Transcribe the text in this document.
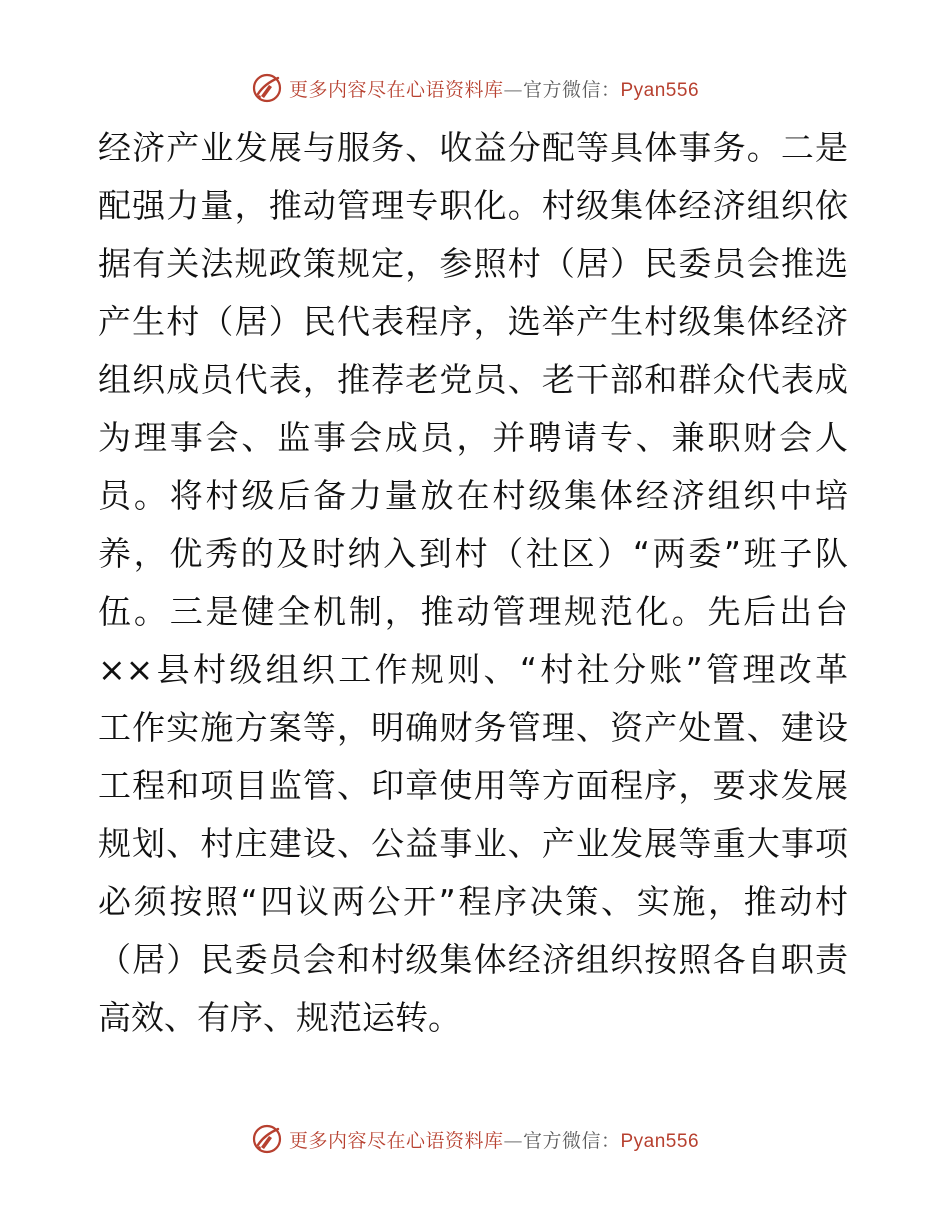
更多内容尽在心语资料库—官方微信：Pyan556
经济产业发展与服务、收益分配等具体事务。二是
配强力量，推动管理专职化。村级集体经济组织依
据有关法规政策规定，参照村（居）民委员会推选
产生村（居）民代表程序，选举产生村级集体经济
组织成员代表，推荐老党员、老干部和群众代表成
为理事会、监事会成员，并聘请专、兼职财会人
员。将村级后备力量放在村级集体经济组织中培
养，优秀的及时纳入到村（社区）“两委”班子队
伍。三是健全机制，推动管理规范化。先后出台
××县村级组织工作规则、“村社分账”管理改革
工作实施方案等，明确财务管理、资产处置、建设
工程和项目监管、印章使用等方面程序，要求发展
规划、村庄建设、公益事业、产业发展等重大事项
必须按照“四议两公开”程序决策、实施，推动村
（居）民委员会和村级集体经济组织按照各自职责
高效、有序、规范运转。
更多内容尽在心语资料库—官方微信：Pyan556
